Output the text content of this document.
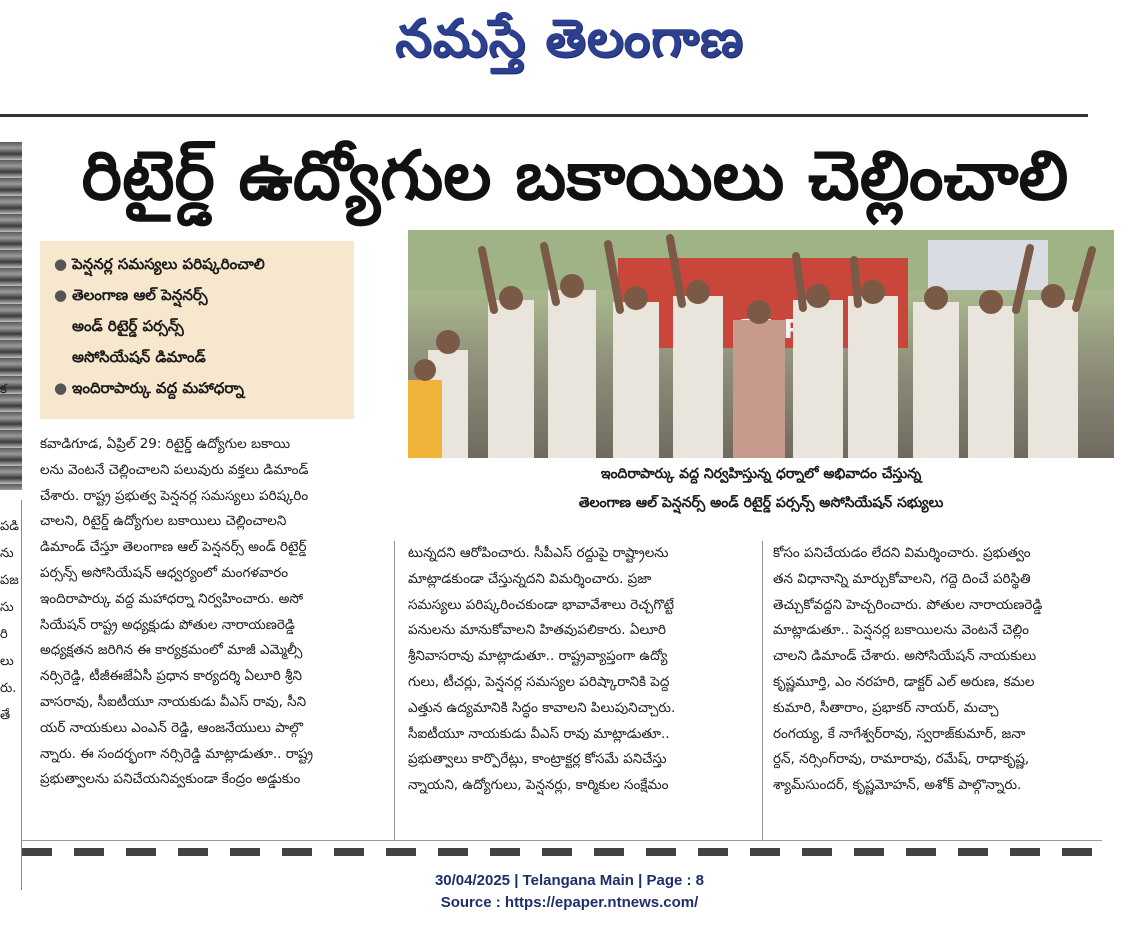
నమస్తే తెలంగాణ
క
పడి
ను
పజ
సు
రి
లు
రు.
తే
రిటైర్డ్ ఉద్యోగుల బకాయిలు చెల్లించాలి
● పెన్షనర్ల సమస్యలు పరిష్కరించాలి
● తెలంగాణ ఆల్ పెన్షనర్స్
అండ్ రిటైర్డ్ పర్సన్స్
అసోసియేషన్ డిమాండ్
● ఇందిరాపార్కు వద్ద మహాధర్నా
ఇందిరాపార్కు వద్ద నిర్వహిస్తున్న ధర్నాలో అభివాదం చేస్తున్న
తెలంగాణ ఆల్ పెన్షనర్స్ అండ్ రిటైర్డ్ పర్సన్స్ అసోసియేషన్ సభ్యులు
కవాడిగూడ, ఏప్రిల్ 29: రిటైర్డ్ ఉద్యోగుల బకాయి
లను వెంటనే చెల్లించాలని పలువురు వక్తలు డిమాండ్
చేశారు. రాష్ట్ర ప్రభుత్వ పెన్షనర్ల సమస్యలు పరిష్కరిం
చాలని, రిటైర్డ్ ఉద్యోగుల బకాయిలు చెల్లించాలని
డిమాండ్ చేస్తూ తెలంగాణ ఆల్ పెన్షనర్స్ అండ్ రిటైర్డ్
పర్సన్స్ అసోసియేషన్ ఆధ్వర్యంలో మంగళవారం
ఇందిరాపార్కు వద్ద మహాధర్నా నిర్వహించారు. అసో
సియేషన్ రాష్ట్ర అధ్యక్షుడు పోతుల నారాయణరెడ్డి
అధ్యక్షతన జరిగిన ఈ కార్యక్రమంలో మాజీ ఎమ్మెల్సీ
నర్సిరెడ్డి, టీజీఈజేఏసీ ప్రధాన కార్యదర్శి ఏలూరి శ్రీని
వాసరావు, సీఐటీయూ నాయకుడు వీఎస్ రావు, సీని
యర్ నాయకులు ఎంఎన్ రెడ్డి, ఆంజనేయులు పాల్గొ
న్నారు. ఈ సందర్భంగా నర్సిరెడ్డి మాట్లాడుతూ.. రాష్ట్ర
ప్రభుత్వాలను పనిచేయనివ్వకుండా కేంద్రం అడ్డుకుం
టున్నదని ఆరోపించారు. సీపీఎస్ రద్దుపై రాష్ట్రాలను
మాట్లాడకుండా చేస్తున్నదని విమర్శించారు. ప్రజా
సమస్యలు పరిష్కరించకుండా భావావేశాలు రెచ్చగొట్టే
పనులను మానుకోవాలని హితవుపలికారు. ఏలూరి
శ్రీనివాసరావు మాట్లాడుతూ.. రాష్ట్రవ్యాప్తంగా ఉద్యో
గులు, టీచర్లు, పెన్షనర్ల సమస్యల పరిష్కారానికి పెద్ద
ఎత్తున ఉద్యమానికి సిద్ధం కావాలని పిలుపునిచ్చారు.
సీఐటీయూ నాయకుడు వీఎస్ రావు మాట్లాడుతూ..
ప్రభుత్వాలు కార్పొరేట్లు, కాంట్రాక్టర్ల కోసమే పనిచేస్తు
న్నాయని, ఉద్యోగులు, పెన్షనర్లు, కార్మికుల సంక్షేమం
కోసం పనిచేయడం లేదని విమర్శించారు. ప్రభుత్వం
తన విధానాన్ని మార్చుకోవాలని, గద్దె దించే పరిస్థితి
తెచ్చుకోవద్దని హెచ్చరించారు. పోతుల నారాయణరెడ్డి
మాట్లాడుతూ.. పెన్షనర్ల బకాయిలను వెంటనే చెల్లిం
చాలని డిమాండ్ చేశారు. అసోసియేషన్ నాయకులు
కృష్ణమూర్తి, ఎం నరహరి, డాక్టర్ ఎల్ అరుణ, కమల
కుమారి, సీతారాం, ప్రభాకర్ నాయర్, మచ్చా
రంగయ్య, కే నాగేశ్వర్‌రావు, స్వరాజ్‌కుమార్, జనా
ర్దన్, నర్సింగ్‌రావు, రామారావు, రమేష్, రాధాకృష్ణ,
శ్యామ్‌సుందర్, కృష్ణమోహన్, అశోక్ పాల్గొన్నారు.
30/04/2025 | Telangana Main | Page : 8
Source : https://epaper.ntnews.com/
